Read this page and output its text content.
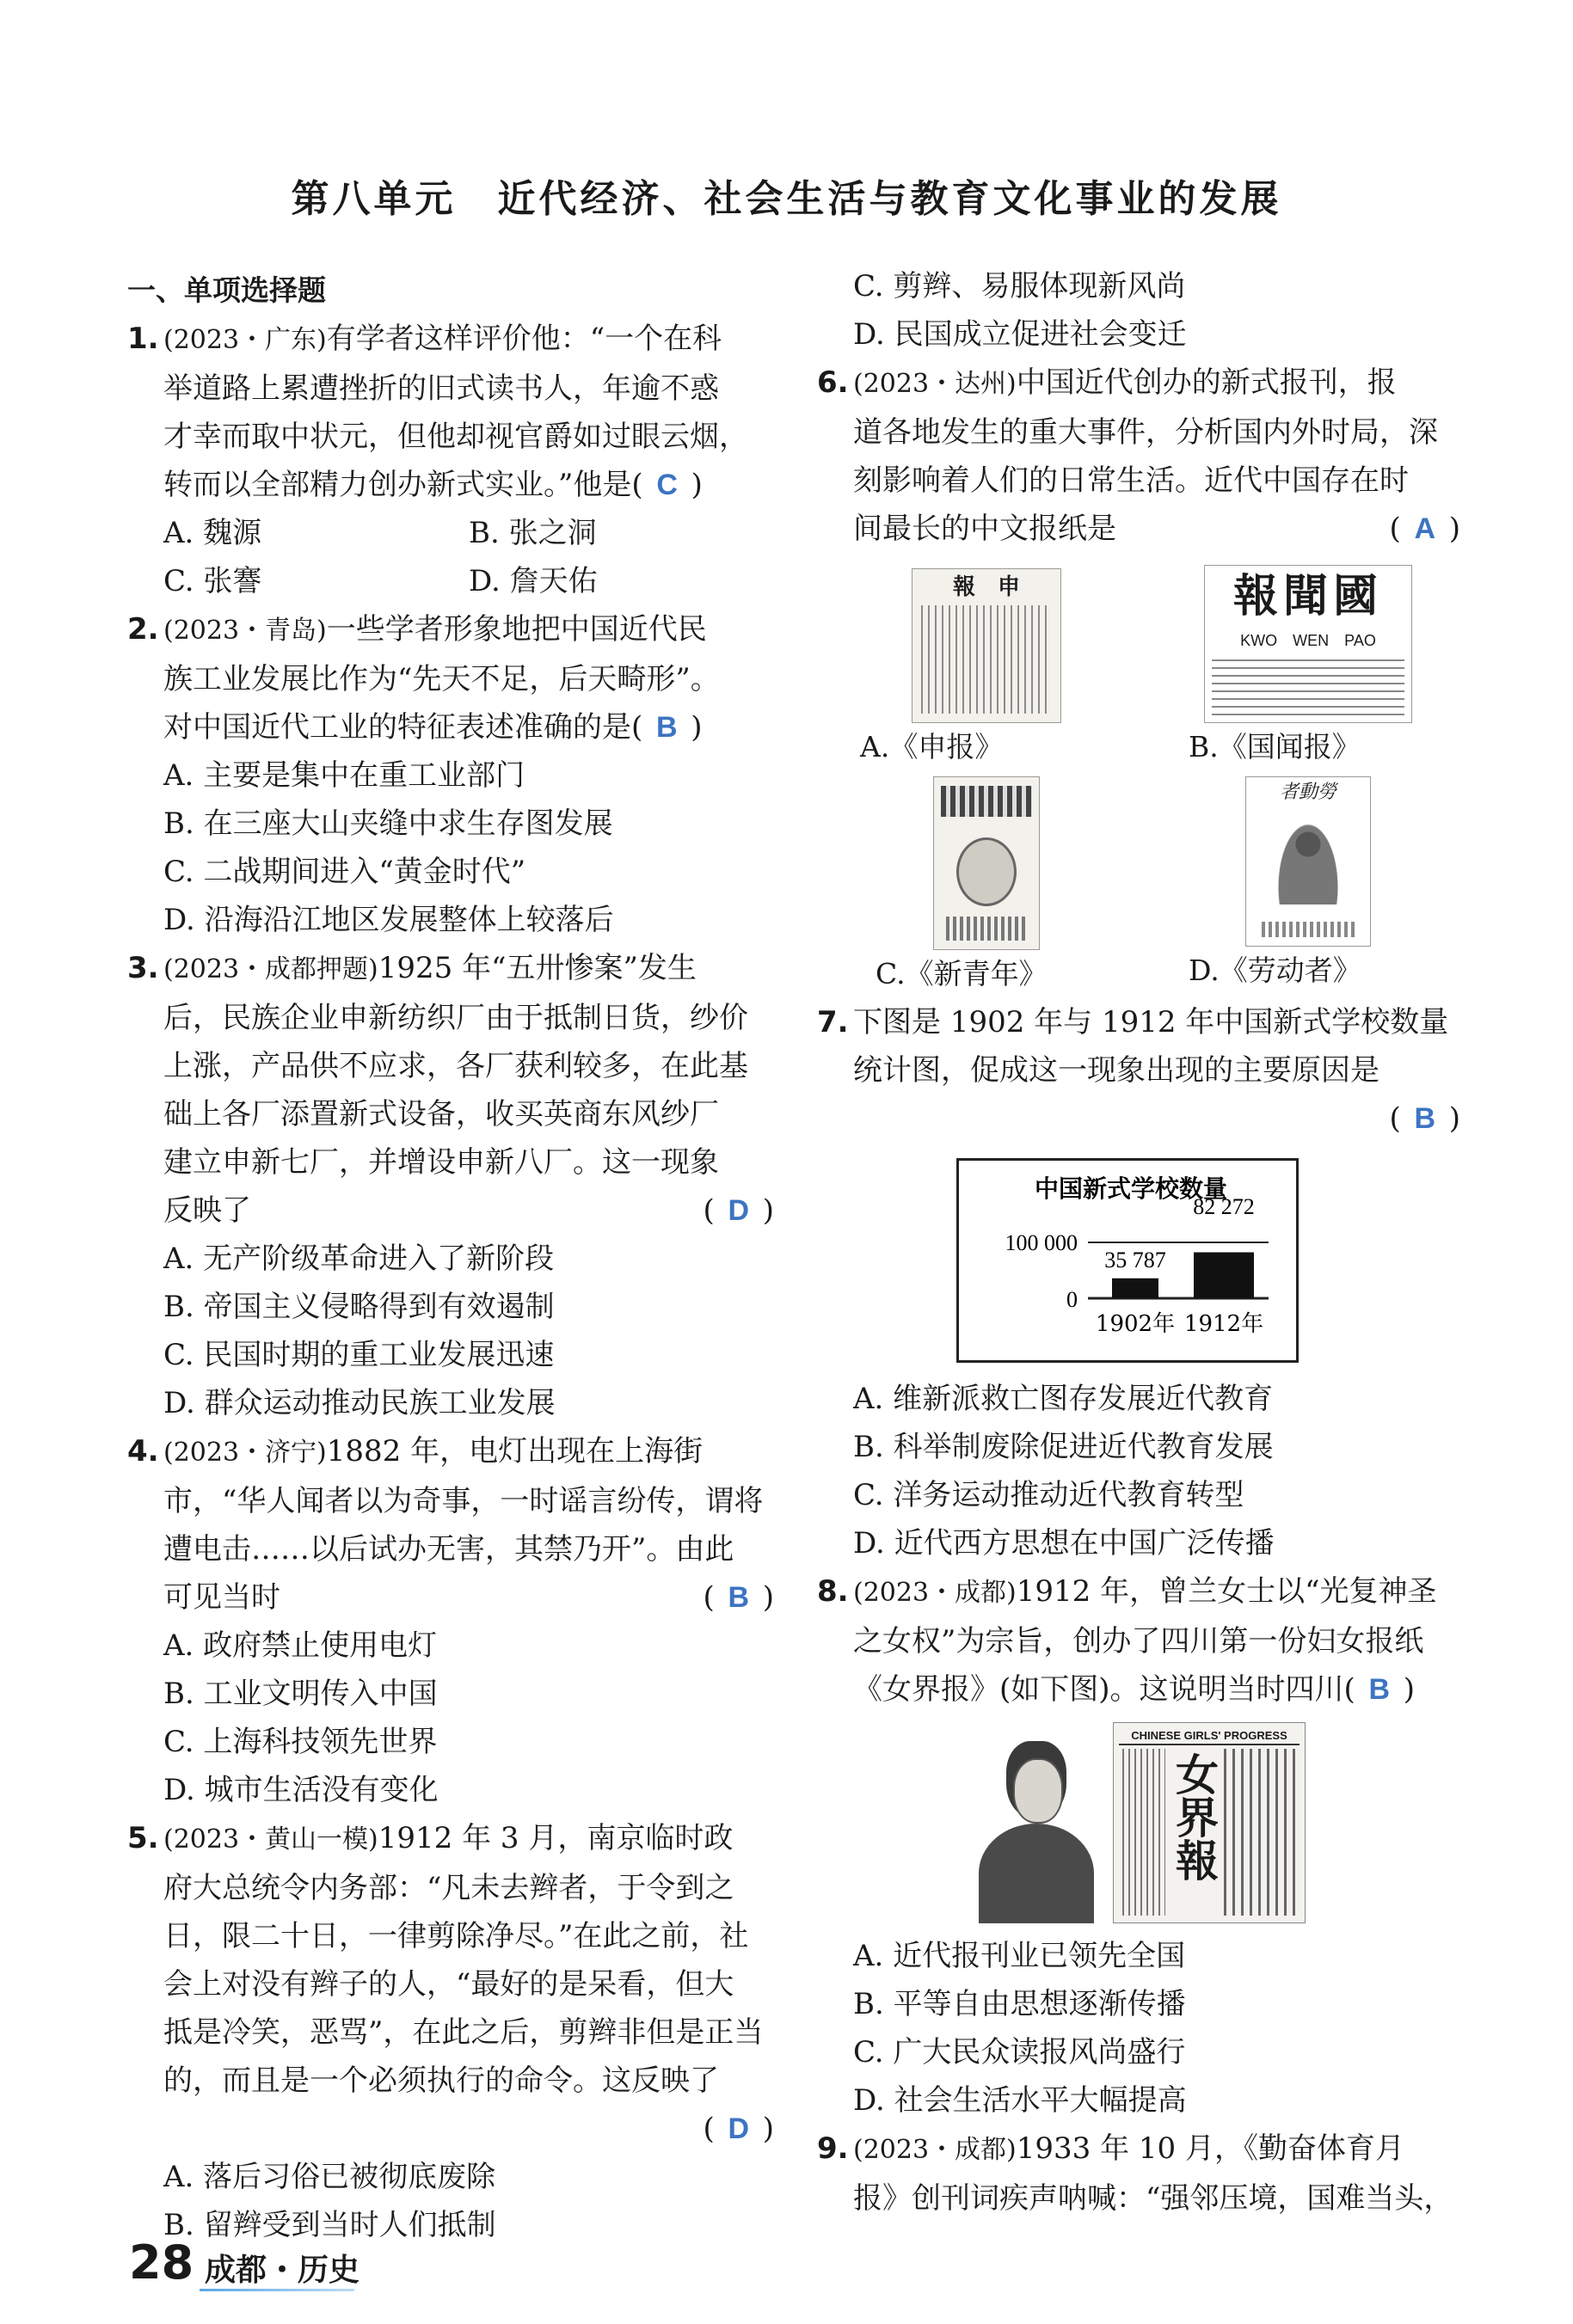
第八单元　近代经济、社会生活与教育文化事业的发展
一、单项选择题
1. (2023・广东)有学者这样评价他：“一个在科
举道路上累遭挫折的旧式读书人，年逾不惑
才幸而取中状元，但他却视官爵如过眼云烟，
转而以全部精力创办新式实业。”他是( C )
A. 魏源	B. 张之洞
C. 张謇	D. 詹天佑
2. (2023・青岛)一些学者形象地把中国近代民
族工业发展比作为“先天不足，后天畸形”。
对中国近代工业的特征表述准确的是( B )
A. 主要是集中在重工业部门
B. 在三座大山夹缝中求生存图发展
C. 二战期间进入“黄金时代”
D. 沿海沿江地区发展整体上较落后
3. (2023・成都押题)1925 年“五卅惨案”发生
后，民族企业申新纺织厂由于抵制日货，纱价
上涨，产品供不应求，各厂获利较多，在此基
础上各厂添置新式设备，收买英商东风纱厂
建立申新七厂，并增设申新八厂。这一现象
反映了	( D )
A. 无产阶级革命进入了新阶段
B. 帝国主义侵略得到有效遏制
C. 民国时期的重工业发展迅速
D. 群众运动推动民族工业发展
4. (2023・济宁)1882 年，电灯出现在上海街
市，“华人闻者以为奇事，一时谣言纷传，谓将
遭电击……以后试办无害，其禁乃开”。由此
可见当时	( B )
A. 政府禁止使用电灯
B. 工业文明传入中国
C. 上海科技领先世界
D. 城市生活没有变化
5. (2023・黄山一模)1912 年 3 月，南京临时政
府大总统令内务部：“凡未去辫者，于令到之
日，限二十日，一律剪除净尽。”在此之前，社
会上对没有辫子的人，“最好的是呆看，但大
抵是冷笑，恶骂”，在此之后，剪辫非但是正当
的，而且是一个必须执行的命令。这反映了
( D )
A. 落后习俗已被彻底废除
B. 留辫受到当时人们抵制
C. 剪辫、易服体现新风尚
D. 民国成立促进社会变迁
6. (2023・达州)中国近代创办的新式报刊，报
道各地发生的重大事件，分析国内外时局，深
刻影响着人们的日常生活。近代中国存在时
间最长的中文报纸是	( A )
報　申
A.《申报》
國聞報
KWO　WEN　PAO
B.《国闻报》
C.《新青年》
者動勞
D.《劳动者》
7. 下图是 1902 年与 1912 年中国新式学校数量
统计图，促成这一现象出现的主要原因是
( B )
中国新式学校数量
100 000
0
35 787
82 272
1902年 1912年
A. 维新派救亡图存发展近代教育
B. 科举制废除促进近代教育发展
C. 洋务运动推动近代教育转型
D. 近代西方思想在中国广泛传播
8. (2023・成都)1912 年，曾兰女士以“光复神圣
之女权”为宗旨，创办了四川第一份妇女报纸
《女界报》(如下图)。这说明当时四川( B )
CHINESE GIRLS' PROGRESS
女界報
A. 近代报刊业已领先全国
B. 平等自由思想逐渐传播
C. 广大民众读报风尚盛行
D. 社会生活水平大幅提高
9. (2023・成都)1933 年 10 月，《勤奋体育月
报》创刊词疾声呐喊：“强邻压境，国难当头，
28 成都・历史
